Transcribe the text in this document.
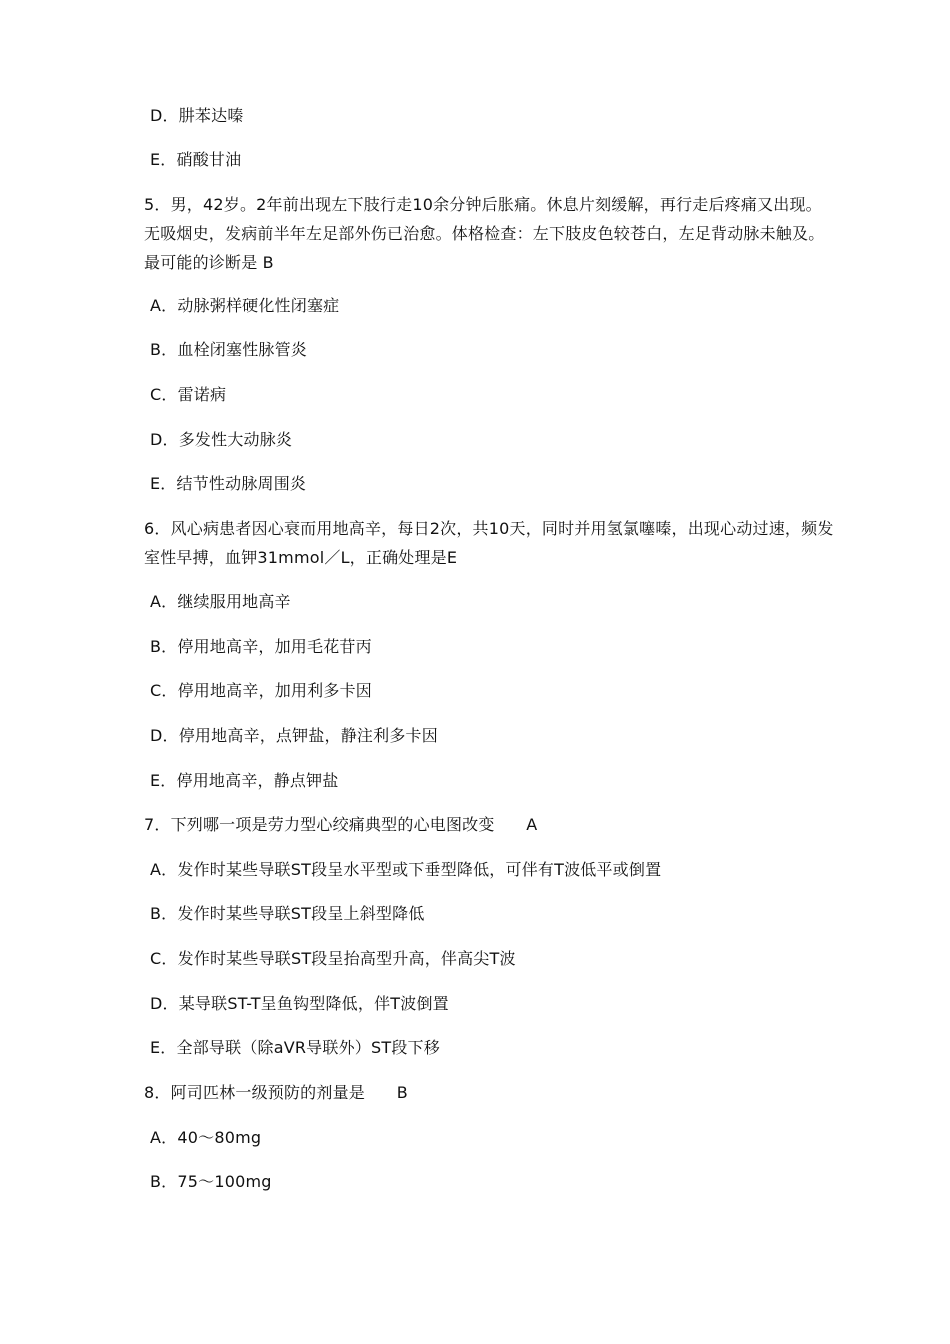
D．肼苯达嗪
E．硝酸甘油
5．男，42岁。2年前出现左下肢行走10余分钟后胀痛。休息片刻缓解，再行走后疼痛又出现。无吸烟史，发病前半年左足部外伤已治愈。体格检查：左下肢皮色较苍白，左足背动脉未触及。最可能的诊断是 B
A．动脉粥样硬化性闭塞症
B．血栓闭塞性脉管炎
C．雷诺病
D．多发性大动脉炎
E．结节性动脉周围炎
6．风心病患者因心衰而用地高辛，每日2次，共10天，同时并用氢氯噻嗪，出现心动过速，频发室性早搏，血钾31mmol／L，正确处理是E
A．继续服用地高辛
B．停用地高辛，加用毛花苷丙
C．停用地高辛，加用利多卡因
D．停用地高辛，点钾盐，静注利多卡因
E．停用地高辛，静点钾盐
7．下列哪一项是劳力型心绞痛典型的心电图改变      A
A．发作时某些导联ST段呈水平型或下垂型降低，可伴有T波低平或倒置
B．发作时某些导联ST段呈上斜型降低
C．发作时某些导联ST段呈抬高型升高，伴高尖T波
D．某导联ST-T呈鱼钩型降低，伴T波倒置
E．全部导联（除aVR导联外）ST段下移
8．阿司匹林一级预防的剂量是      B
A．40～80mg
B．75～100mg
